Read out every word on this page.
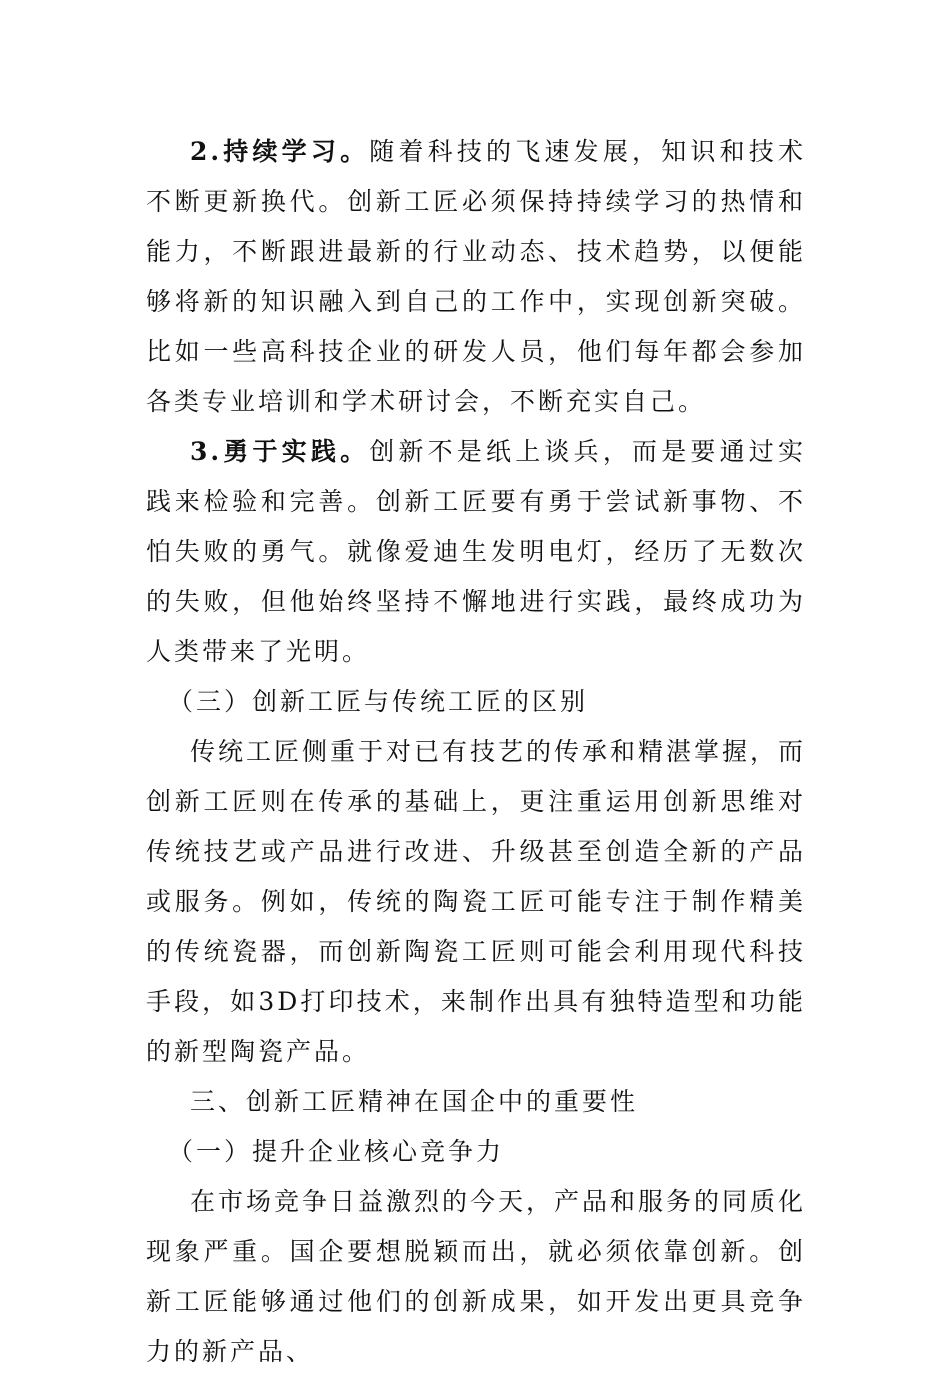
2.持续学习。随着科技的飞速发展，知识和技术不断更新换代。创新工匠必须保持持续学习的热情和能力，不断跟进最新的行业动态、技术趋势，以便能够将新的知识融入到自己的工作中，实现创新突破。比如一些高科技企业的研发人员，他们每年都会参加各类专业培训和学术研讨会，不断充实自己。

3.勇于实践。创新不是纸上谈兵，而是要通过实践来检验和完善。创新工匠要有勇于尝试新事物、不怕失败的勇气。就像爱迪生发明电灯，经历了无数次的失败，但他始终坚持不懈地进行实践，最终成功为人类带来了光明。

（三）创新工匠与传统工匠的区别

传统工匠侧重于对已有技艺的传承和精湛掌握，而创新工匠则在传承的基础上，更注重运用创新思维对传统技艺或产品进行改进、升级甚至创造全新的产品或服务。例如，传统的陶瓷工匠可能专注于制作精美的传统瓷器，而创新陶瓷工匠则可能会利用现代科技手段，如3D打印技术，来制作出具有独特造型和功能的新型陶瓷产品。

三、创新工匠精神在国企中的重要性

（一）提升企业核心竞争力

在市场竞争日益激烈的今天，产品和服务的同质化现象严重。国企要想脱颖而出，就必须依靠创新。创新工匠能够通过他们的创新成果，如开发出更具竞争力的新产品、
